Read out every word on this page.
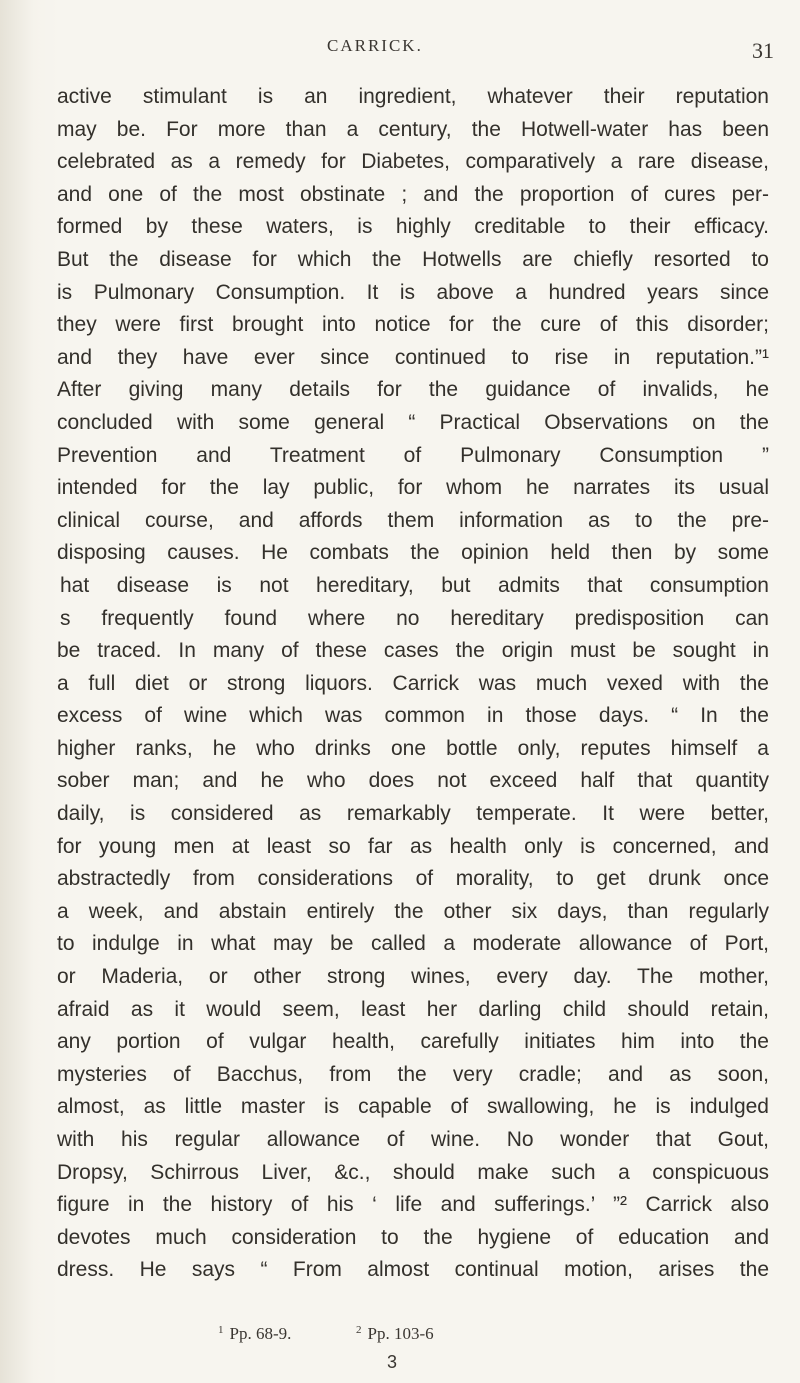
CARRICK.	31
active stimulant is an ingredient, whatever their reputation
may be. For more than a century, the Hotwell-water has been
celebrated as a remedy for Diabetes, comparatively a rare disease,
and one of the most obstinate ; and the proportion of cures per-
formed by these waters, is highly creditable to their efficacy.
But the disease for which the Hotwells are chiefly resorted to
is Pulmonary Consumption. It is above a hundred years since
they were first brought into notice for the cure of this disorder;
and they have ever since continued to rise in reputation.”¹
After giving many details for the guidance of invalids, he
concluded with some general “ Practical Observations on the
Prevention and Treatment of Pulmonary Consumption ”
intended for the lay public, for whom he narrates its usual
clinical course, and affords them information as to the pre-
disposing causes. He combats the opinion held then by some
hat disease is not hereditary, but admits that consumption
s frequently found where no hereditary predisposition can
be traced. In many of these cases the origin must be sought in
a full diet or strong liquors. Carrick was much vexed with the
excess of wine which was common in those days. “ In the
higher ranks, he who drinks one bottle only, reputes himself a
sober man; and he who does not exceed half that quantity
daily, is considered as remarkably temperate. It were better,
for young men at least so far as health only is concerned, and
abstractedly from considerations of morality, to get drunk once
a week, and abstain entirely the other six days, than regularly
to indulge in what may be called a moderate allowance of Port,
or Maderia, or other strong wines, every day. The mother,
afraid as it would seem, least her darling child should retain,
any portion of vulgar health, carefully initiates him into the
mysteries of Bacchus, from the very cradle; and as soon,
almost, as little master is capable of swallowing, he is indulged
with his regular allowance of wine. No wonder that Gout,
Dropsy, Schirrous Liver, &c., should make such a conspicuous
figure in the history of his ‘ life and sufferings.’ ”² Carrick also
devotes much consideration to the hygiene of education and
dress. He says “ From almost continual motion, arises the
$^1$ Pp. 68-9.	$^2$ Pp. 103-6
3
